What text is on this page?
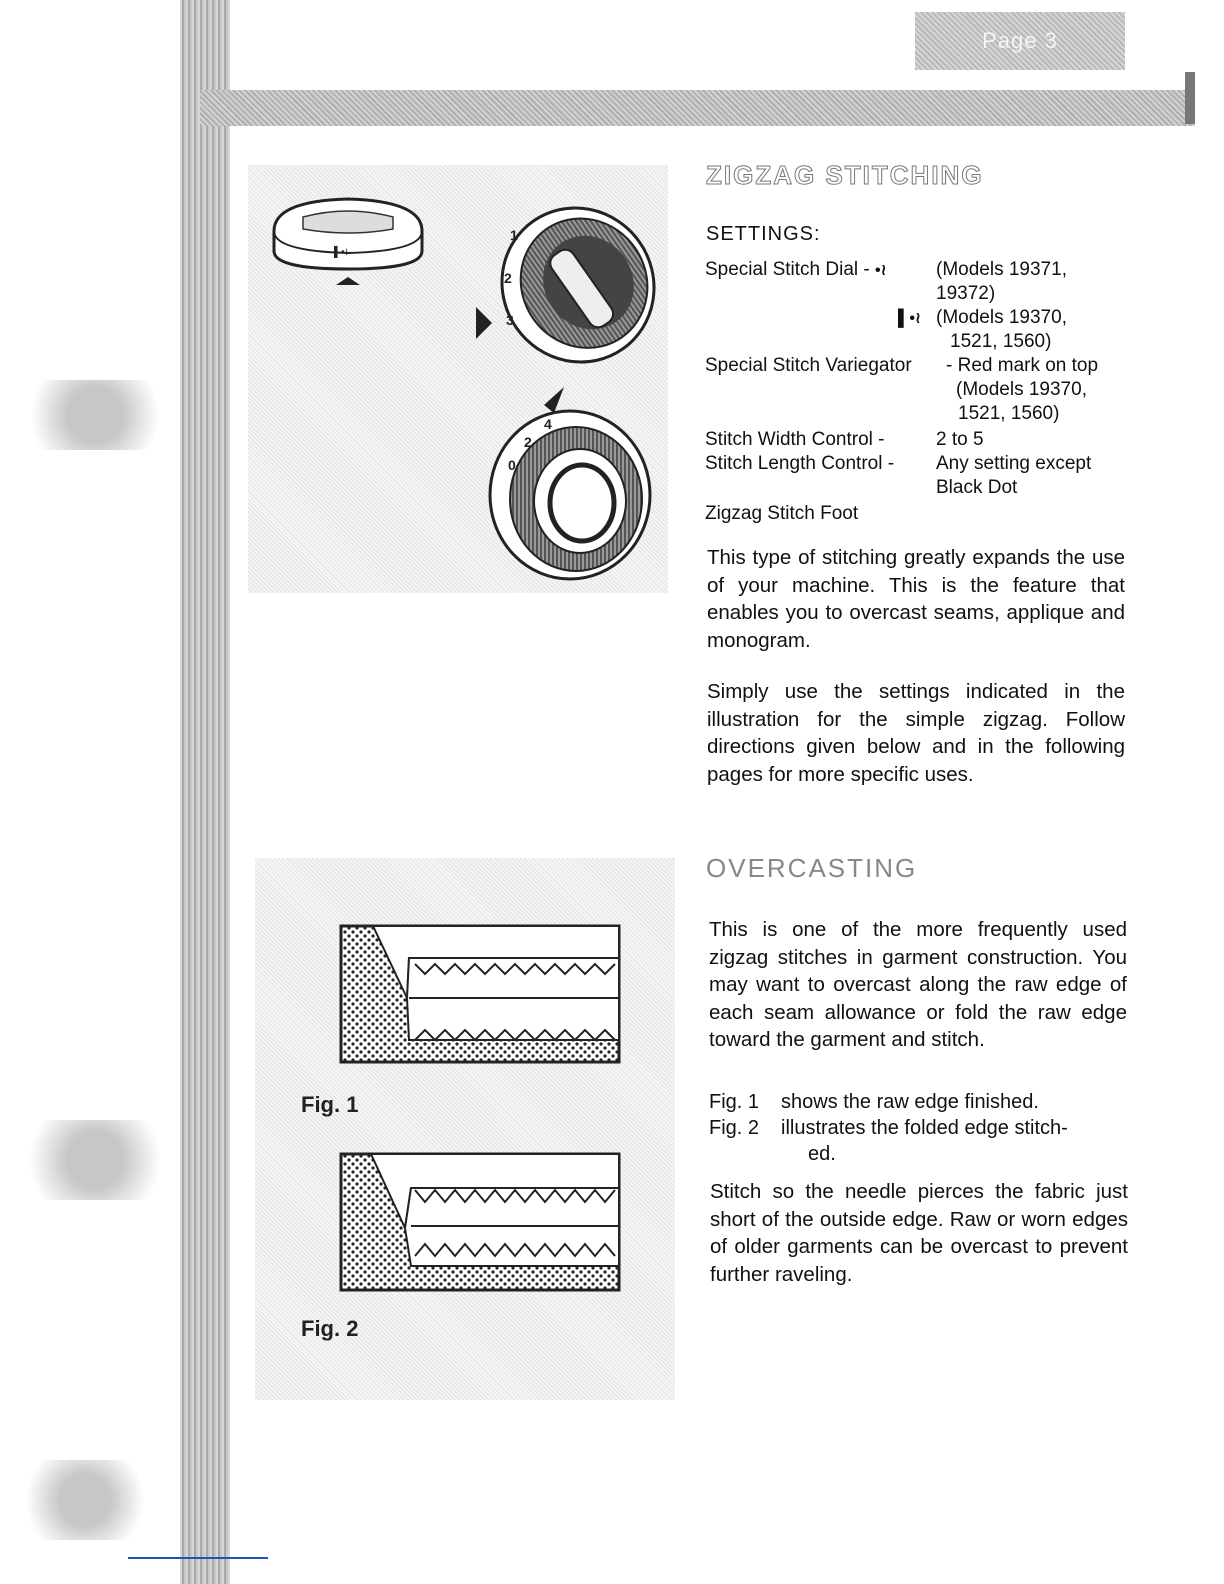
Page 3
▌•≀
1
2
3
0
2
4
Fig. 1
Fig. 2
ZIGZAG STITCHING
SETTINGS:
Special Stitch Dial - •≀	(Models 19371,
19372)
▌•≀ (Models 19370,
1521, 1560)
Special Stitch Variegator - Red mark on top
(Models 19370,
1521, 1560)
Stitch Width Control -	2 to 5
Stitch Length Control - Any setting except
Black Dot
Zigzag Stitch Foot

This type of stitching greatly expands the use of your machine. This is the feature that enables you to overcast seams, applique and monogram.

Simply use the settings indicated in the illustration for the simple zigzag. Follow directions given below and in the following pages for more specific uses.

OVERCASTING

This is one of the more frequently used zigzag stitches in garment construction. You may want to overcast along the raw edge of each seam allowance or fold the raw edge toward the garment and stitch.

Fig. 1 shows the raw edge finished.
Fig. 2 illustrates the folded edge stitch-
ed.

Stitch so the needle pierces the fabric just short of the outside edge. Raw or worn edges of older garments can be overcast to prevent further raveling.
